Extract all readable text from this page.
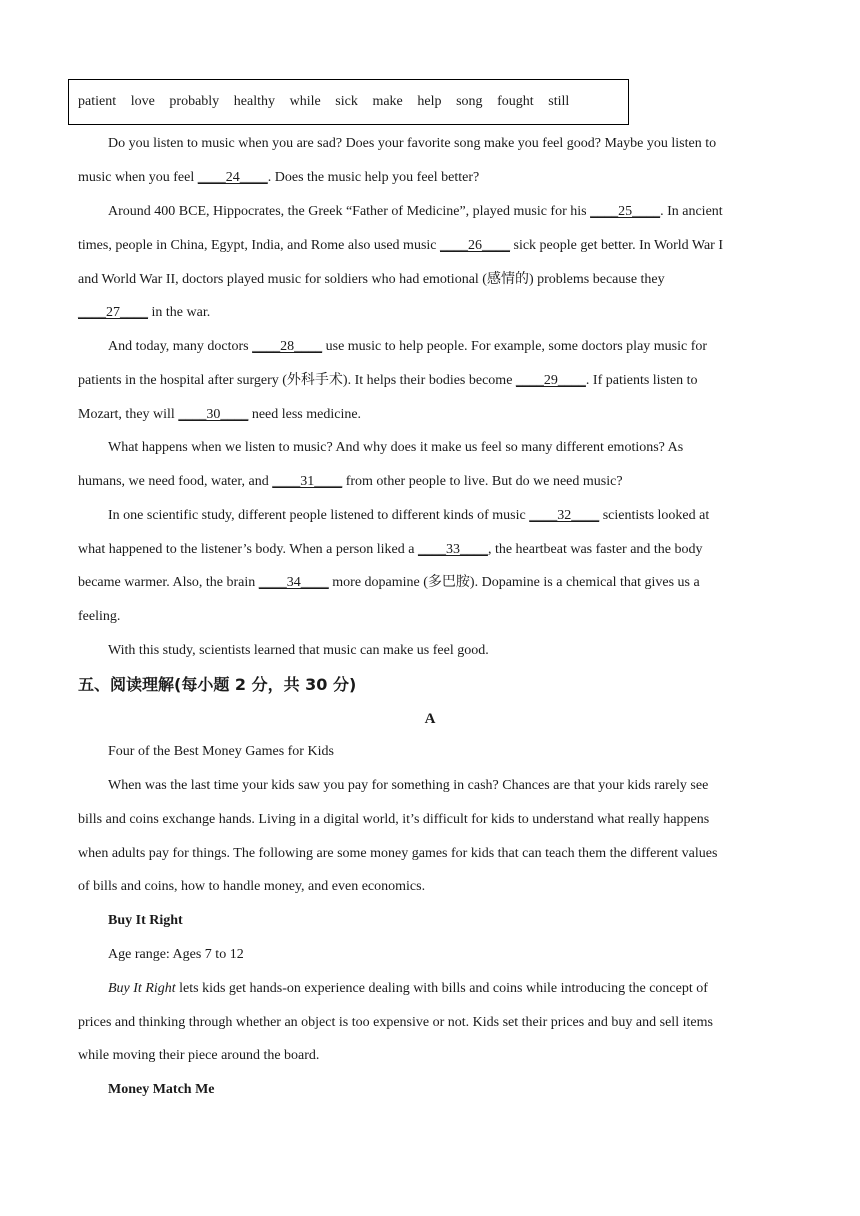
patient love probably healthy while sick make help song fought still
Do you listen to music when you are sad? Does your favorite song make you feel good? Maybe you listen to
music when you feel ____24____. Does the music help you feel better?
Around 400 BCE, Hippocrates, the Greek “Father of Medicine”, played music for his ____25____. In ancient
times, people in China, Egypt, India, and Rome also used music ____26____ sick people get better. In World War I
and World War II, doctors played music for soldiers who had emotional (感情的) problems because they
____27____ in the war.
And today, many doctors ____28____ use music to help people. For example, some doctors play music for
patients in the hospital after surgery (外科手术). It helps their bodies become ____29____. If patients listen to
Mozart, they will ____30____ need less medicine.
What happens when we listen to music? And why does it make us feel so many different emotions? As
humans, we need food, water, and ____31____ from other people to live. But do we need music?
In one scientific study, different people listened to different kinds of music ____32____ scientists looked at
what happened to the listener’s body. When a person liked a ____33____, the heartbeat was faster and the body
became warmer. Also, the brain ____34____ more dopamine (多巴胺). Dopamine is a chemical that gives us a
feeling.
With this study, scientists learned that music can make us feel good.
五、阅读理解(每小题 2 分，共 30 分)
A
Four of the Best Money Games for Kids
When was the last time your kids saw you pay for something in cash? Chances are that your kids rarely see
bills and coins exchange hands. Living in a digital world, it’s difficult for kids to understand what really happens
when adults pay for things. The following are some money games for kids that can teach them the different values
of bills and coins, how to handle money, and even economics.
Buy It Right
Age range: Ages 7 to 12
Buy It Right lets kids get hands-on experience dealing with bills and coins while introducing the concept of
prices and thinking through whether an object is too expensive or not. Kids set their prices and buy and sell items
while moving their piece around the board.
Money Match Me
